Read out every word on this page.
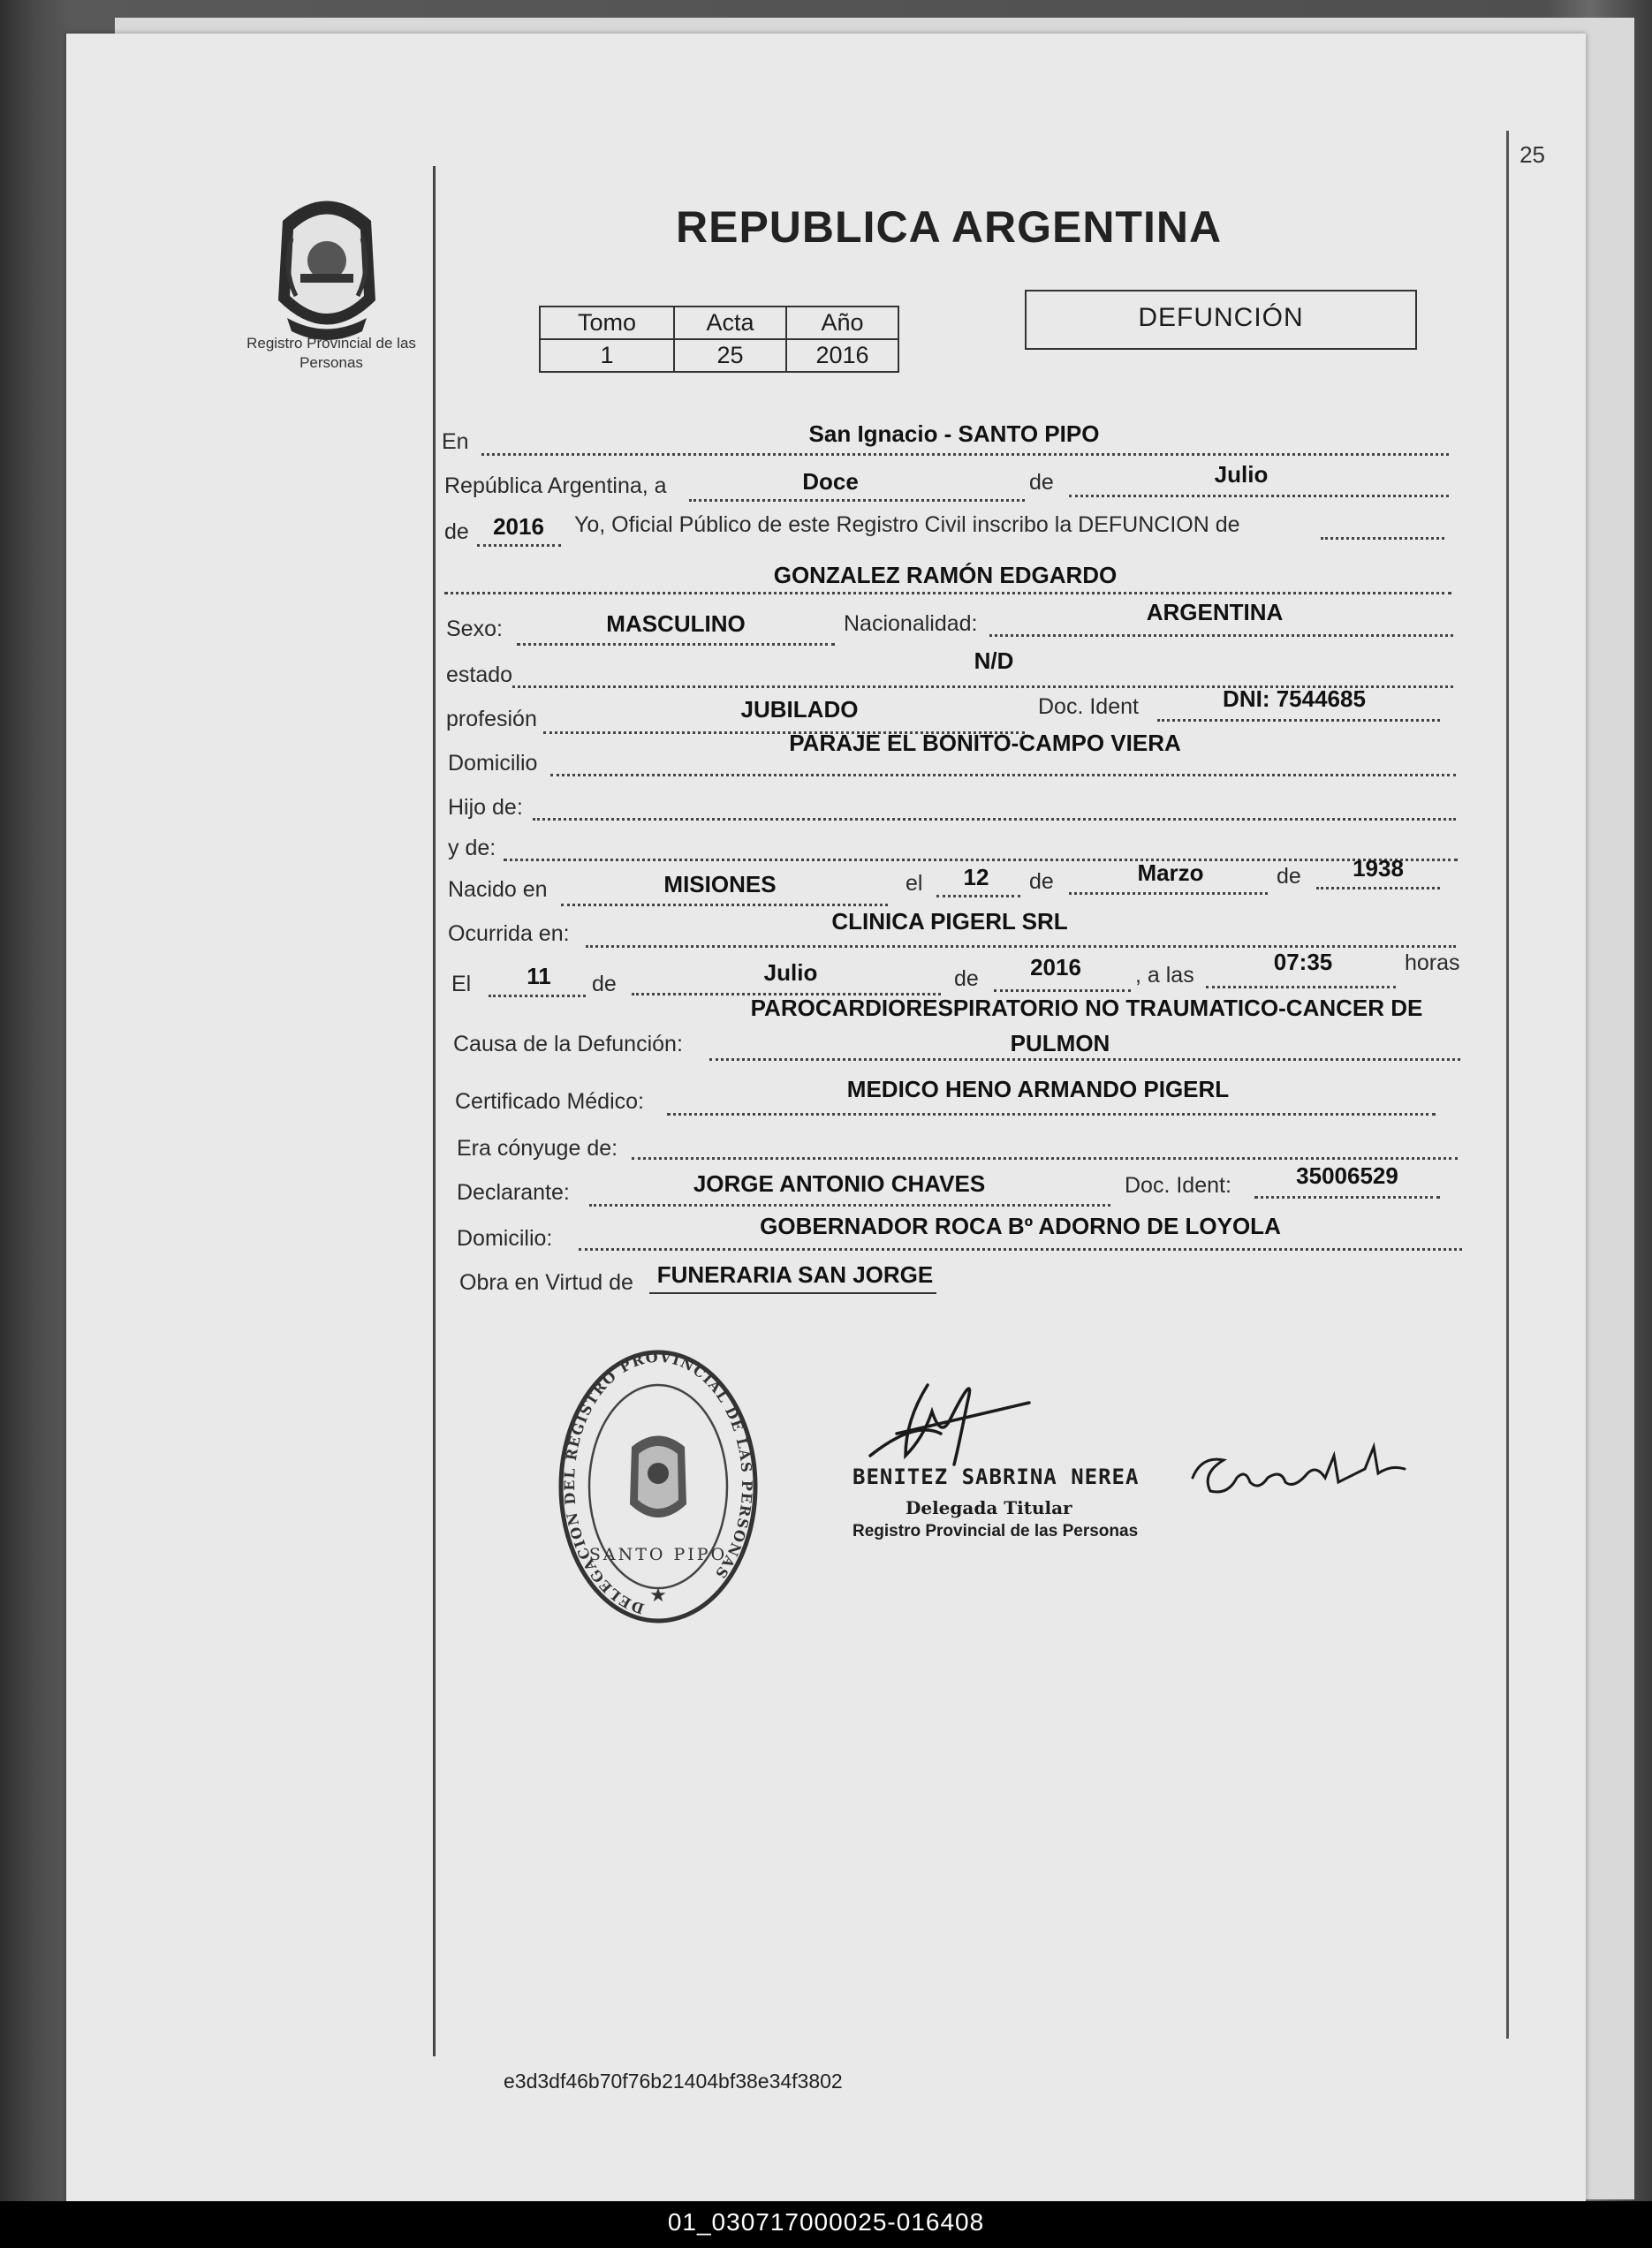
25
Registro Provincial de las Personas
REPUBLICA ARGENTINA
Tomo	Acta	Año
1	25	2016
DEFUNCIÓN
En	San Ignacio - SANTO PIPO
República Argentina, a	Doce	de	Julio
de	2016	Yo, Oficial Público de este Registro Civil inscribo la DEFUNCION de
GONZALEZ RAMÓN EDGARDO
Sexo:	MASCULINO	Nacionalidad:	ARGENTINA
estado
N/D
profesión	JUBILADO	Doc. Ident	DNI: 7544685
Domicilio
PARAJE EL BONITO-CAMPO VIERA
Hijo de:
y de:
Nacido en	MISIONES	el	12	de	Marzo	de	1938
Ocurrida en:	CLINICA PIGERL SRL
El	11	de	Julio	de	2016	, a las	07:35	horas
Causa de la Defunción:
PAROCARDIORESPIRATORIO NO TRAUMATICO-CANCER DE
PULMON
Certificado Médico:	MEDICO HENO ARMANDO PIGERL
Era cónyuge de:
Declarante:	JORGE ANTONIO CHAVES	Doc. Ident:	35006529
Domicilio:	GOBERNADOR ROCA Bº ADORNO DE LOYOLA
Obra en Virtud de	FUNERARIA SAN JORGE
DELEGACION DEL REGISTRO PROVINCIAL DE LAS PERSONAS
SANTO PIPO
★
BENITEZ SABRINA NEREA
Delegada Titular
Registro Provincial de las Personas
e3d3df46b70f76b21404bf38e34f3802
01_030717000025-016408
